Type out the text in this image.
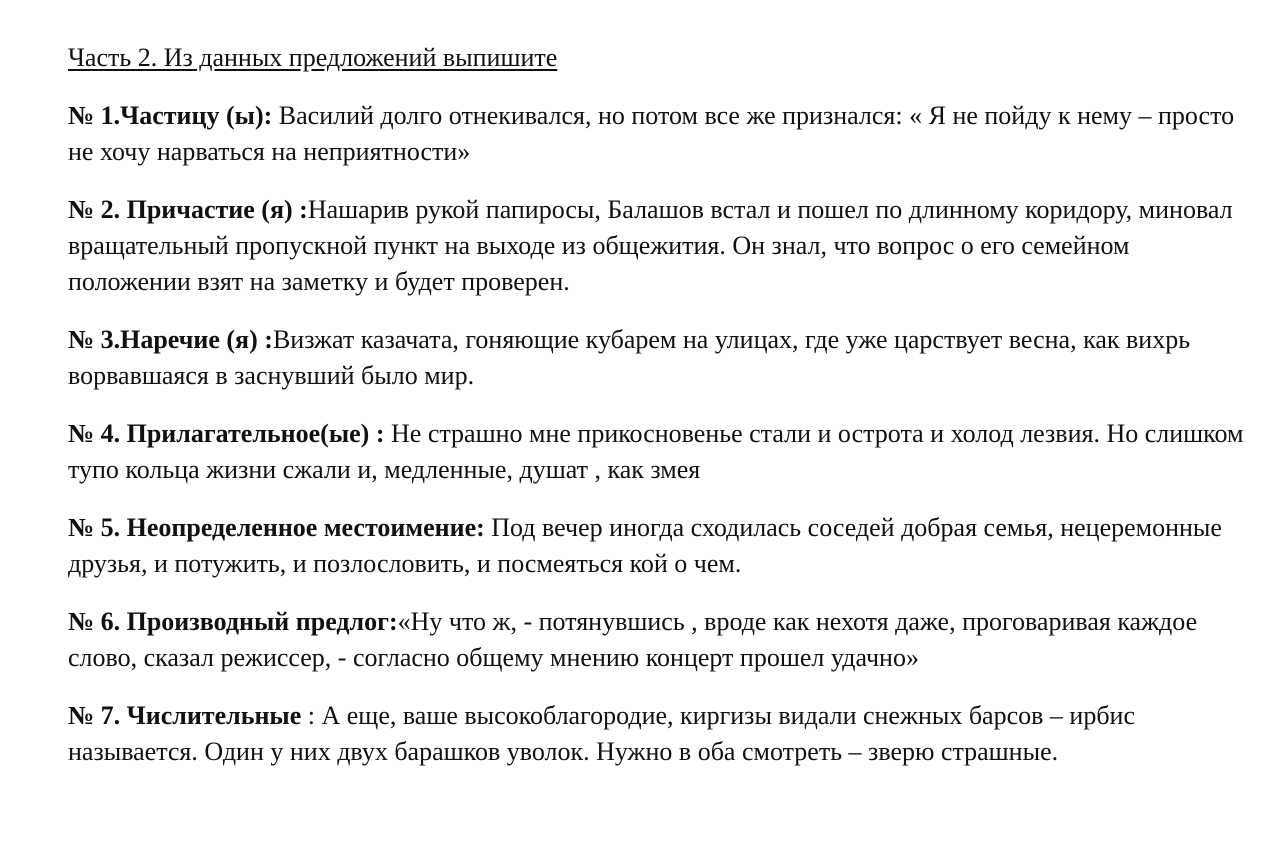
Часть 2. Из данных предложений выпишите

№ 1.Частицу (ы): Василий долго отнекивался, но потом все же признался: « Я не пойду к нему – просто не хочу нарваться на неприятности»

№ 2. Причастие (я) :Нашарив рукой папиросы, Балашов встал и пошел по длинному коридору, миновал вращательный пропускной пункт на выходе из общежития. Он знал, что вопрос о его семейном положении взят на заметку и будет проверен.

№ 3.Наречие (я) :Визжат казачата, гоняющие кубарем на улицах, где уже царствует весна, как вихрь ворвавшаяся в заснувший было мир.

№ 4. Прилагательное(ые) : Не страшно мне прикосновенье стали и острота и холод лезвия. Но слишком тупо кольца жизни сжали и, медленные, душат , как змея

№ 5. Неопределенное местоимение: Под вечер иногда сходилась соседей добрая семья, нецеремонные друзья, и потужить, и позлословить, и посмеяться кой о чем.

№ 6. Производный предлог:«Ну что ж, - потянувшись , вроде как нехотя даже, проговаривая каждое слово, сказал режиссер, - согласно общему мнению концерт прошел удачно»

№ 7. Числительные : А еще, ваше высокоблагородие, киргизы видали снежных барсов – ирбис называется. Один у них двух барашков уволок. Нужно в оба смотреть – зверю страшные.
